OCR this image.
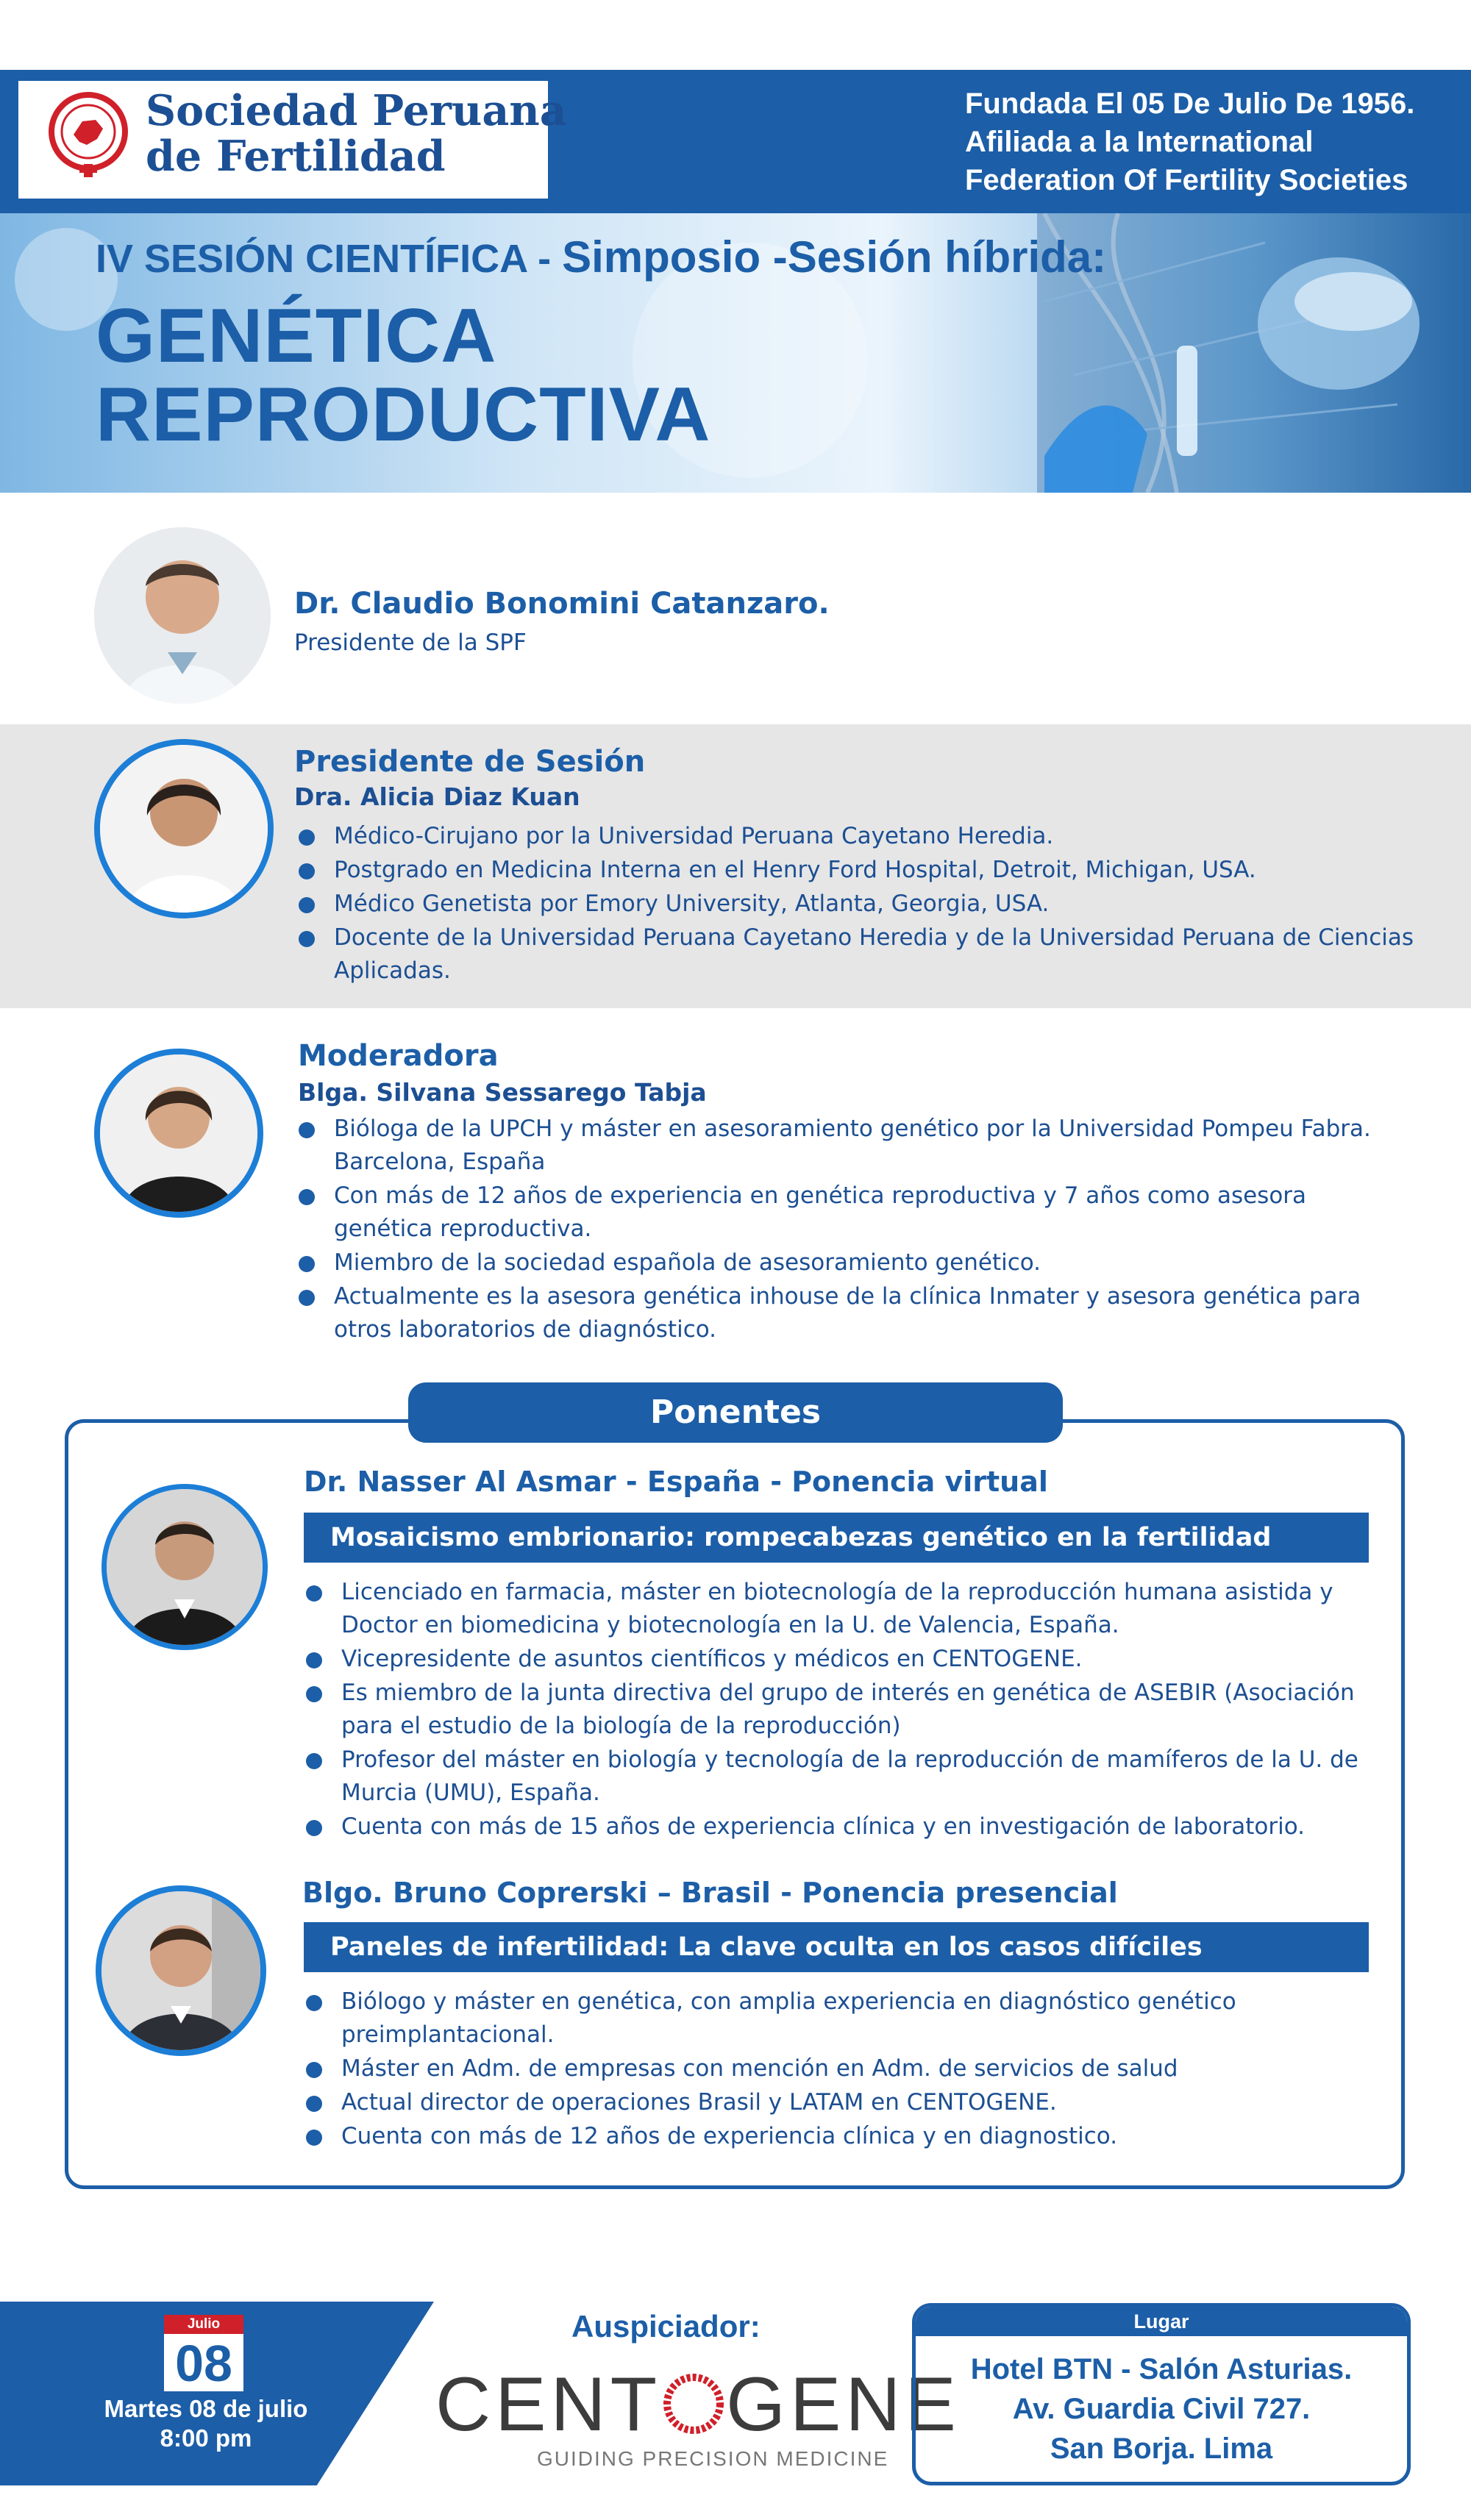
Sociedad Peruana
de Fertilidad
Fundada El 05 De Julio De 1956.
Afiliada a la International
Federation Of Fertility Societies
IV SESIÓN CIENTÍFICA - Simposio -Sesión híbrida:
GENÉTICA
REPRODUCTIVA
Dr. Claudio Bonomini Catanzaro.
Presidente de la SPF
Presidente de Sesión
Dra. Alicia Diaz Kuan
Médico-Cirujano por la Universidad Peruana Cayetano Heredia.
Postgrado en Medicina Interna en el Henry Ford Hospital, Detroit, Michigan, USA.
Médico Genetista por Emory University, Atlanta, Georgia, USA.
Docente de la Universidad Peruana Cayetano Heredia y de la Universidad Peruana de Ciencias Aplicadas.
Moderadora
Blga. Silvana Sessarego Tabja
Bióloga de la UPCH y máster en asesoramiento genético por la Universidad Pompeu Fabra. Barcelona, España
Con más de 12 años de experiencia en genética reproductiva y 7 años como asesora genética reproductiva.
Miembro de la sociedad española de asesoramiento genético.
Actualmente es la asesora genética inhouse de la clínica Inmater y asesora genética para otros laboratorios de diagnóstico.
Ponentes
Dr. Nasser Al Asmar - España - Ponencia virtual
Mosaicismo embrionario: rompecabezas genético en la fertilidad
Licenciado en farmacia, máster en biotecnología de la reproducción humana asistida y Doctor en biomedicina y biotecnología en la U. de Valencia, España.
Vicepresidente de asuntos científicos y médicos en CENTOGENE.
Es miembro de la junta directiva del grupo de interés en genética de ASEBIR (Asociación para el estudio de la biología de la reproducción)
Profesor del máster en biología y tecnología de la reproducción de mamíferos de la U. de Murcia (UMU), España.
Cuenta con más de 15 años de experiencia clínica y en investigación de laboratorio.
Blgo. Bruno Coprerski – Brasil - Ponencia presencial
Paneles de infertilidad: La clave oculta en los casos difíciles
Biólogo y máster en genética, con amplia experiencia en diagnóstico genético preimplantacional.
Máster en Adm. de empresas con mención en Adm. de servicios de salud
Actual director de operaciones Brasil y LATAM en CENTOGENE.
Cuenta con más de 12 años de experiencia clínica y en diagnostico.
Julio
08
Martes 08 de julio
8:00 pm
Auspiciador:
CENT GENE
GUIDING PRECISION MEDICINE
Lugar
Hotel BTN - Salón Asturias.
Av. Guardia Civil 727.
San Borja. Lima
